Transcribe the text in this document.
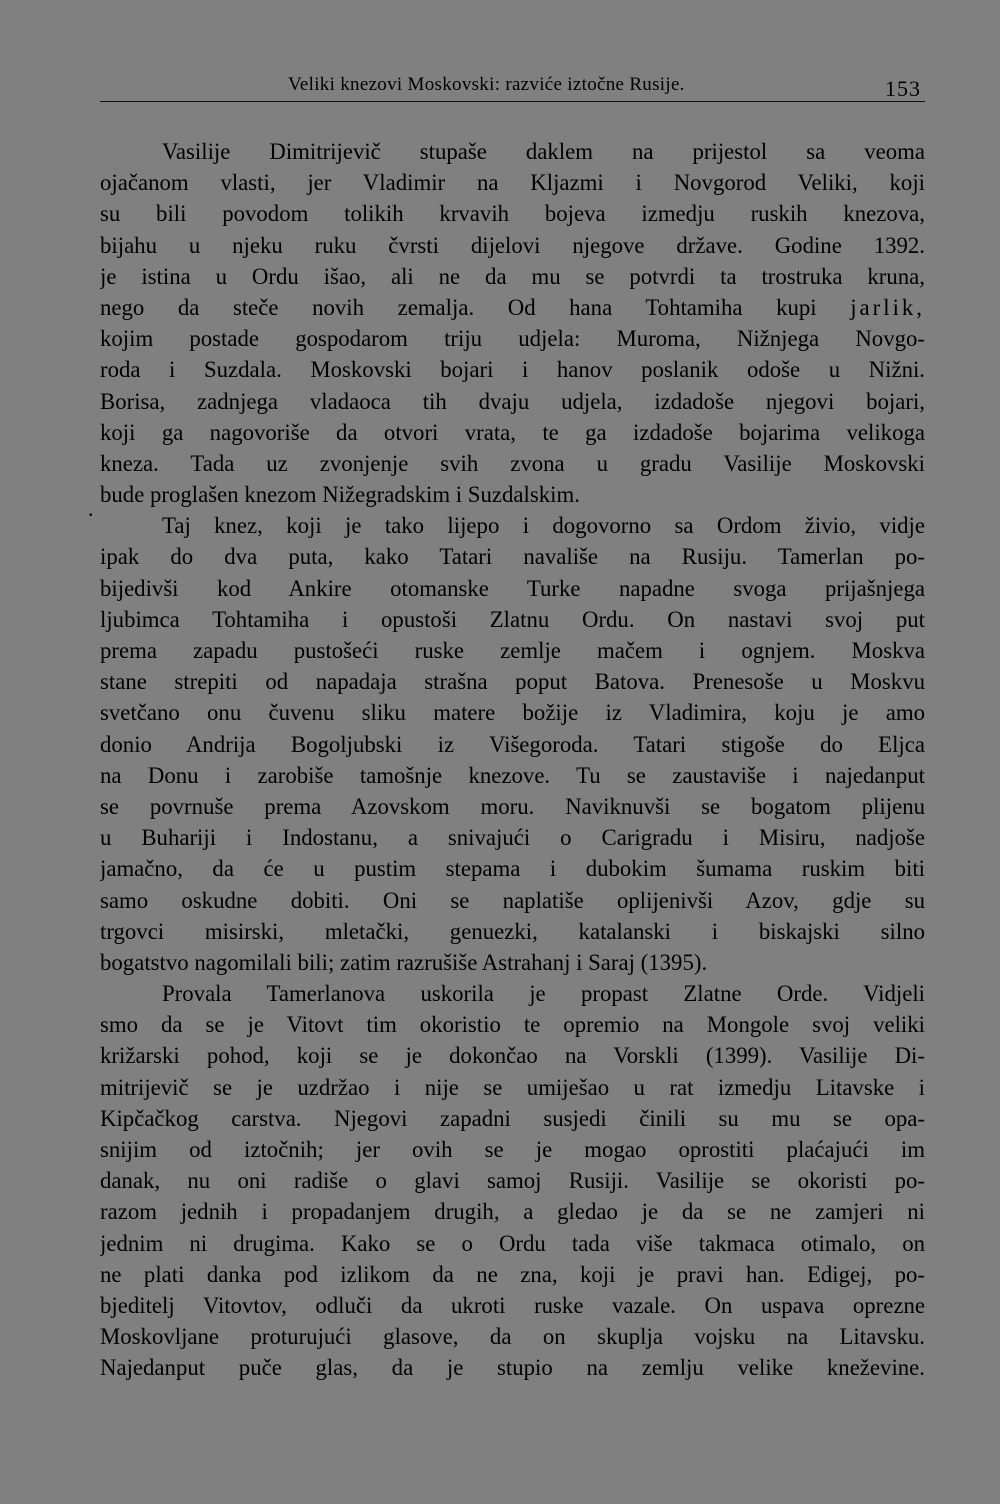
Veliki knezovi Moskovski: razviće iztočne Rusije.	153
.
Vasilije Dimitrijevič stupaše daklem na prijestol sa veoma
ojačanom vlasti, jer Vladimir na Kljazmi i Novgorod Veliki, koji
su bili povodom tolikih krvavih bojeva izmedju ruskih knezova,
bijahu u njeku ruku čvrsti dijelovi njegove države. Godine 1392.
je istina u Ordu išao, ali ne da mu se potvrdi ta trostruka kruna,
nego da steče novih zemalja. Od hana Tohtamiha kupi jarlik,
kojim postade gospodarom triju udjela: Muroma, Nižnjega Novgo-
roda i Suzdala. Moskovski bojari i hanov poslanik odoše u Nižni.
Borisa, zadnjega vladaoca tih dvaju udjela, izdadoše njegovi bojari,
koji ga nagovoriše da otvori vrata, te ga izdadoše bojarima velikoga
kneza. Tada uz zvonjenje svih zvona u gradu Vasilije Moskovski
bude proglašen knezom Nižegradskim i Suzdalskim.
Taj knez, koji je tako lijepo i dogovorno sa Ordom živio, vidje
ipak do dva puta, kako Tatari navališe na Rusiju. Tamerlan po-
bijedivši kod Ankire otomanske Turke napadne svoga prijašnjega
ljubimca Tohtamiha i opustoši Zlatnu Ordu. On nastavi svoj put
prema zapadu pustošeći ruske zemlje mačem i ognjem. Moskva
stane strepiti od napadaja strašna poput Batova. Prenesoše u Moskvu
svetčano onu čuvenu sliku matere božije iz Vladimira, koju je amo
donio Andrija Bogoljubski iz Višegoroda. Tatari stigoše do Eljca
na Donu i zarobiše tamošnje knezove. Tu se zaustaviše i najedanput
se povrnuše prema Azovskom moru. Naviknuvši se bogatom plijenu
u Buhariji i Indostanu, a snivajući o Carigradu i Misiru, nadjoše
jamačno, da će u pustim stepama i dubokim šumama ruskim biti
samo oskudne dobiti. Oni se naplatiše oplijenivši Azov, gdje su
trgovci misirski, mletački, genuezki, katalanski i biskajski silno
bogatstvo nagomilali bili; zatim razrušiše Astrahanj i Saraj (1395).
Provala Tamerlanova uskorila je propast Zlatne Orde. Vidjeli
smo da se je Vitovt tim okoristio te opremio na Mongole svoj veliki
križarski pohod, koji se je dokončao na Vorskli (1399). Vasilije Di-
mitrijevič se je uzdržao i nije se umiješao u rat izmedju Litavske i
Kipčačkog carstva. Njegovi zapadni susjedi činili su mu se opa-
snijim od iztočnih; jer ovih se je mogao oprostiti plaćajući im
danak, nu oni radiše o glavi samoj Rusiji. Vasilije se okoristi po-
razom jednih i propadanjem drugih, a gledao je da se ne zamjeri ni
jednim ni drugima. Kako se o Ordu tada više takmaca otimalo, on
ne plati danka pod izlikom da ne zna, koji je pravi han. Edigej, po-
bjeditelj Vitovtov, odluči da ukroti ruske vazale. On uspava oprezne
Moskovljane proturujući glasove, da on skuplja vojsku na Litavsku.
Najedanput puče glas, da je stupio na zemlju velike kneževine.
